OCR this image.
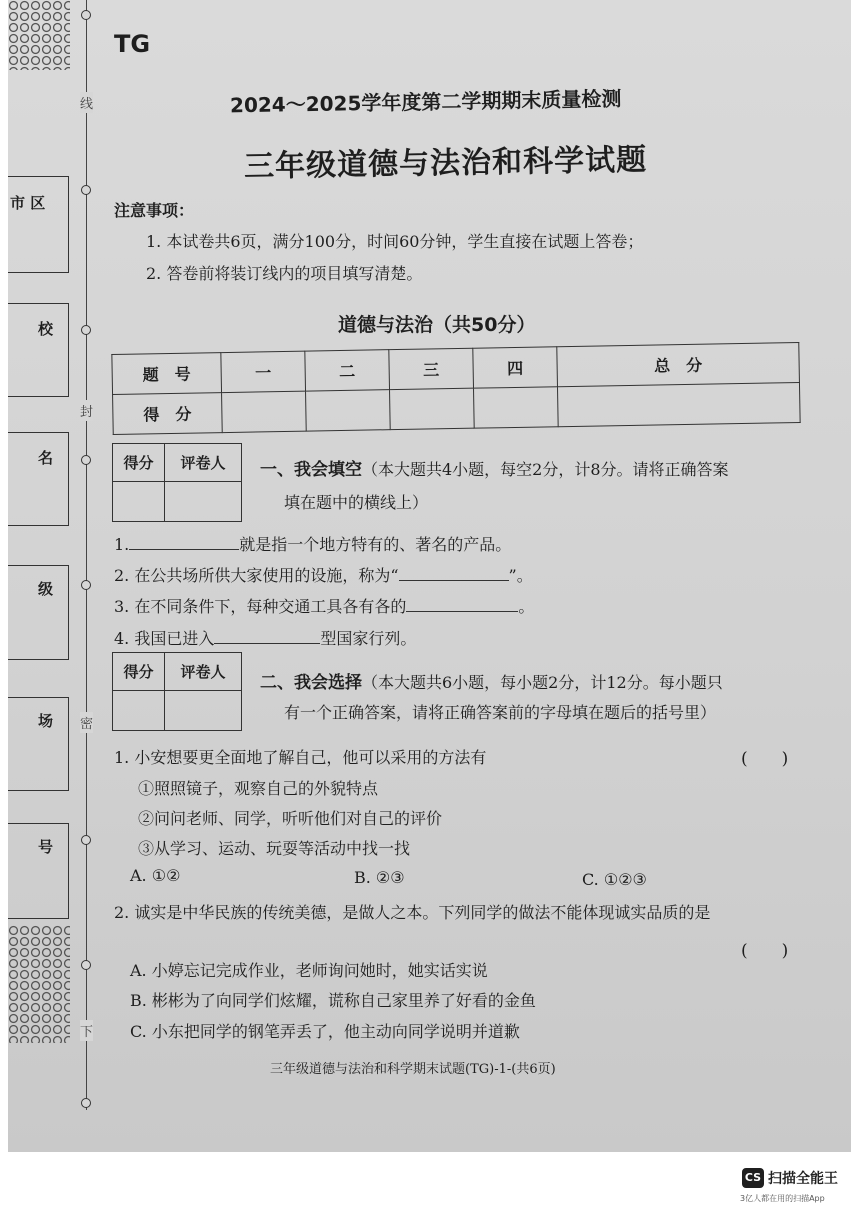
线
封
密
下
市 区
校
名
级
场
号
TG
2024～2025学年度第二学期期末质量检测
三年级道德与法治和科学试题
注意事项：
1. 本试卷共6页，满分100分，时间60分钟，学生直接在试题上答卷；
2. 答卷前将装订线内的项目填写清楚。
道德与法治（共50分）
题　号	一	二	三	四	总　分
得　分					
得分	评卷人
	一、我会填空（本大题共4小题，每空2分，计8分。请将正确答案
填在题中的横线上）
1.	就是指一个地方特有的、著名的产品。
2. 在公共场所供大家使用的设施，称为“	”。
3. 在不同条件下，每种交通工具各有各的	。
4. 我国已进入	型国家行列。
得分	评卷人

二、我会选择（本大题共6小题，每小题2分，计12分。每小题只
有一个正确答案，请将正确答案前的字母填在题后的括号里）
1. 小安想要更全面地了解自己，他可以采用的方法有	(　　)
①照照镜子，观察自己的外貌特点
②问问老师、同学，听听他们对自己的评价
③从学习、运动、玩耍等活动中找一找
A. ①②	B. ②③	C. ①②③
2. 诚实是中华民族的传统美德，是做人之本。下列同学的做法不能体现诚实品质的是
(　　)
A. 小婷忘记完成作业，老师询问她时，她实话实说
B. 彬彬为了向同学们炫耀，谎称自己家里养了好看的金鱼
C. 小东把同学的钢笔弄丢了，他主动向同学说明并道歉
三年级道德与法治和科学期末试题(TG)-1-(共6页)
CS 扫描全能王
3亿人都在用的扫描App
